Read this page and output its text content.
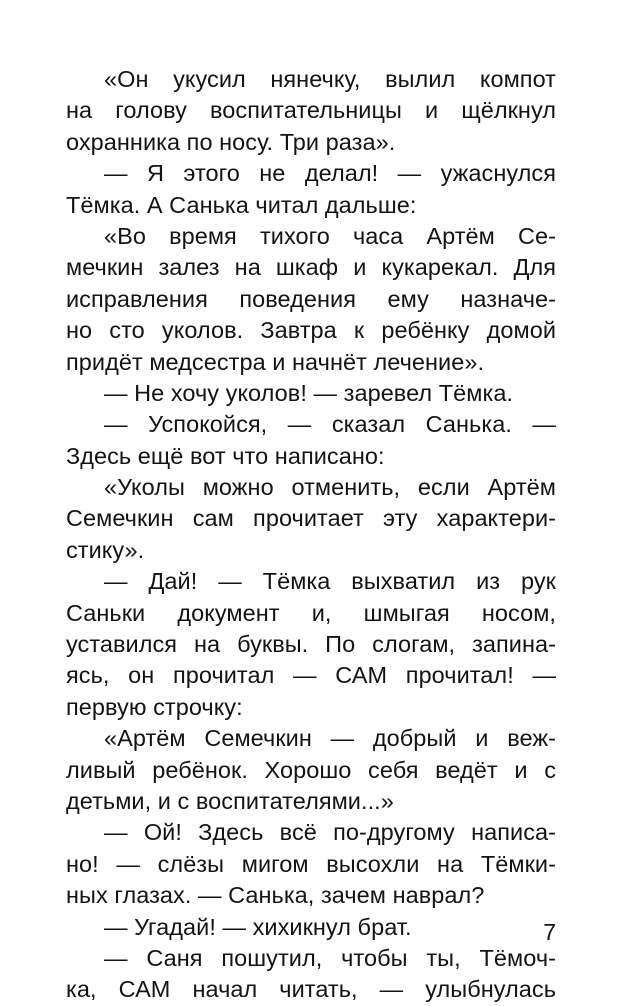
«Он укусил нянечку, вылил компот
на голову воспитательницы и щёлкнул
охранника по носу. Три раза».
— Я этого не делал! — ужаснулся
Тёмка. А Санька читал дальше:
«Во время тихого часа Артём Се-
мечкин залез на шкаф и кукарекал. Для
исправления поведения ему назначе-
но сто уколов. Завтра к ребёнку домой
придёт медсестра и начнёт лечение».
— Не хочу уколов! — заревел Тёмка.
— Успокойся, — сказал Санька. —
Здесь ещё вот что написано:
«Уколы можно отменить, если Артём
Семечкин сам прочитает эту характери-
стику».
— Дай! — Тёмка выхватил из рук
Саньки документ и, шмыгая носом,
уставился на буквы. По слогам, запина-
ясь, он прочитал — САМ прочитал! —
первую строчку:
«Артём Семечкин — добрый и веж-
ливый ребёнок. Хорошо себя ведёт и с
детьми, и с воспитателями...»
— Ой! Здесь всё по-другому написа-
но! — слёзы мигом высохли на Тёмки-
ных глазах. — Санька, зачем наврал?
— Угадай! — хихикнул брат.
— Саня пошутил, чтобы ты, Тёмоч-
ка, САМ начал читать, — улыбнулась
7
